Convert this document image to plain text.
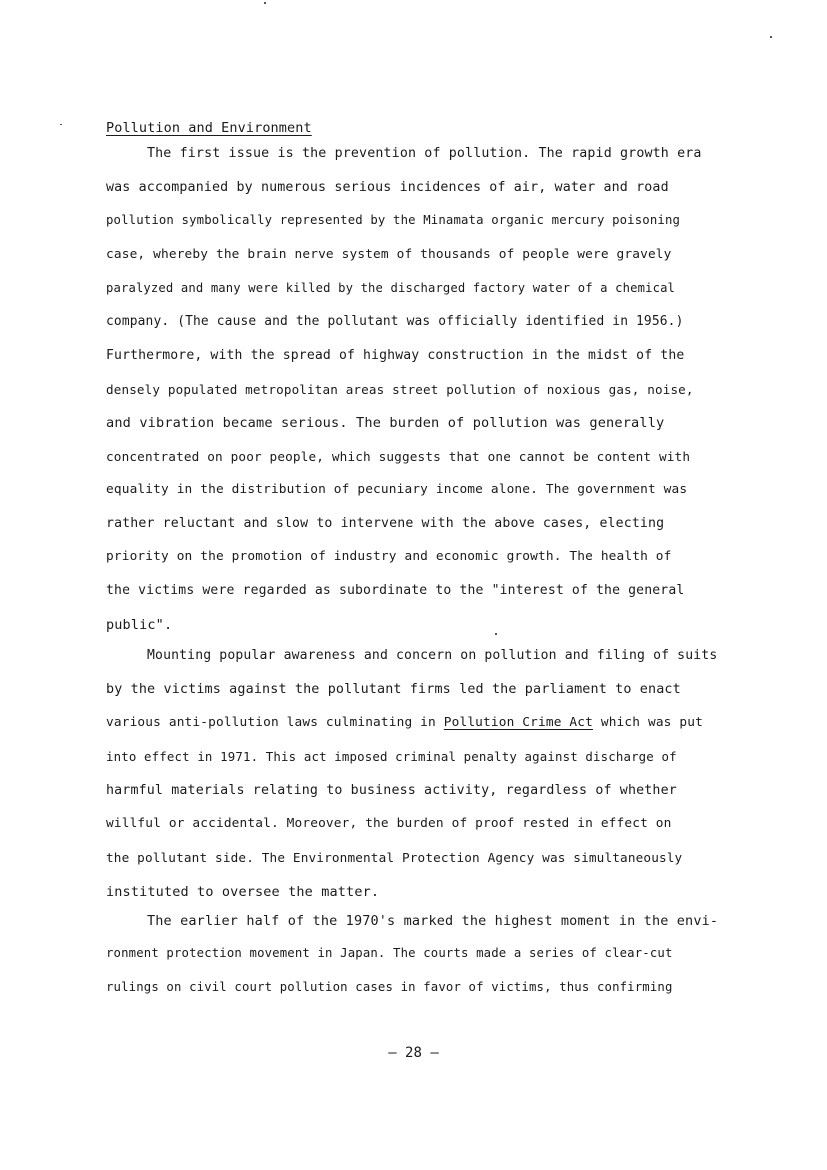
Pollution and Environment
The first issue is the prevention of pollution. The rapid growth era
was accompanied by numerous serious incidences of air, water and road
pollution symbolically represented by the Minamata organic mercury poisoning
case, whereby the brain nerve system of thousands of people were gravely
paralyzed and many were killed by the discharged factory water of a chemical
company. (The cause and the pollutant was officially identified in 1956.)
Furthermore, with the spread of highway construction in the midst of the
densely populated metropolitan areas street pollution of noxious gas, noise,
and vibration became serious. The burden of pollution was generally
concentrated on poor people, which suggests that one cannot be content with
equality in the distribution of pecuniary income alone. The government was
rather reluctant and slow to intervene with the above cases, electing
priority on the promotion of industry and economic growth. The health of
the victims were regarded as subordinate to the "interest of the general
public".
Mounting popular awareness and concern on pollution and filing of suits
by the victims against the pollutant firms led the parliament to enact
various anti-pollution laws culminating in Pollution Crime Act which was put
into effect in 1971. This act imposed criminal penalty against discharge of
harmful materials relating to business activity, regardless of whether
willful or accidental. Moreover, the burden of proof rested in effect on
the pollutant side. The Environmental Protection Agency was simultaneously
instituted to oversee the matter.
The earlier half of the 1970's marked the highest moment in the envi-
ronment protection movement in Japan. The courts made a series of clear-cut
rulings on civil court pollution cases in favor of victims, thus confirming
– 28 –
